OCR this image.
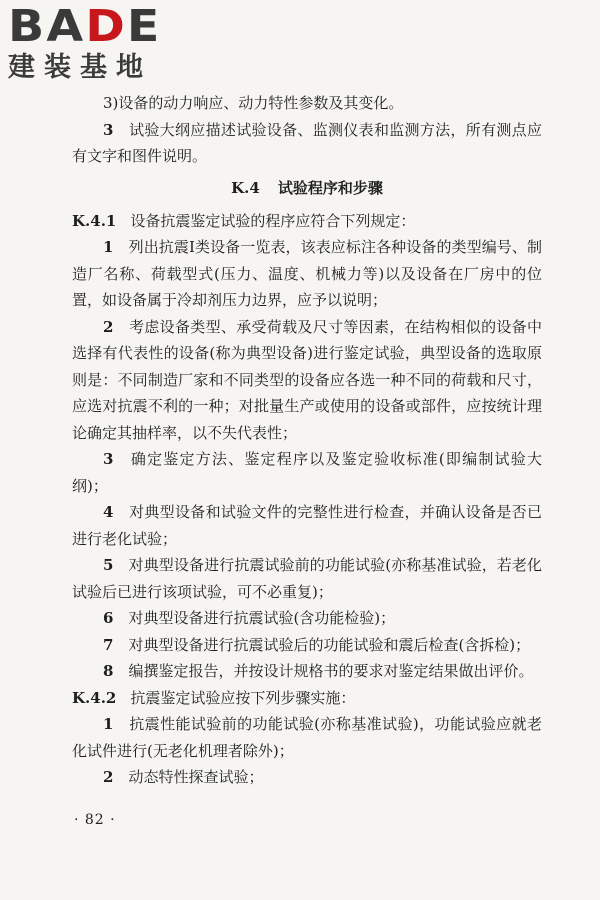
BADE
建装基地

3)设备的动力响应、动力特性参数及其变化。

3　 试验大纲应描述试验设备、监测仪表和监测方法，所有测点应有文字和图件说明。

K.4 试验程序和步骤

K.4.1 设备抗震鉴定试验的程序应符合下列规定：

1　 列出抗震Ⅰ类设备一览表，该表应标注各种设备的类型编号、制造厂名称、荷载型式(压力、温度、机械力等)以及设备在厂房中的位置，如设备属于冷却剂压力边界，应予以说明；

2　 考虑设备类型、承受荷载及尺寸等因素，在结构相似的设备中选择有代表性的设备(称为典型设备)进行鉴定试验，典型设备的选取原则是：不同制造厂家和不同类型的设备应各选一种不同的荷载和尺寸，应选对抗震不利的一种；对批量生产或使用的设备或部件，应按统计理论确定其抽样率，以不失代表性；

3　 确定鉴定方法、鉴定程序以及鉴定验收标准(即编制试验大纲)；

4　 对典型设备和试验文件的完整性进行检查，并确认设备是否已进行老化试验；

5　 对典型设备进行抗震试验前的功能试验(亦称基准试验，若老化试验后已进行该项试验，可不必重复)；

6　 对典型设备进行抗震试验(含功能检验)；

7　 对典型设备进行抗震试验后的功能试验和震后检查(含拆检)；

8　 编撰鉴定报告，并按设计规格书的要求对鉴定结果做出评价。

K.4.2 抗震鉴定试验应按下列步骤实施：

1　 抗震性能试验前的功能试验(亦称基准试验)，功能试验应就老化试件进行(无老化机理者除外)；

2　 动态特性探查试验；

· 82 ·
